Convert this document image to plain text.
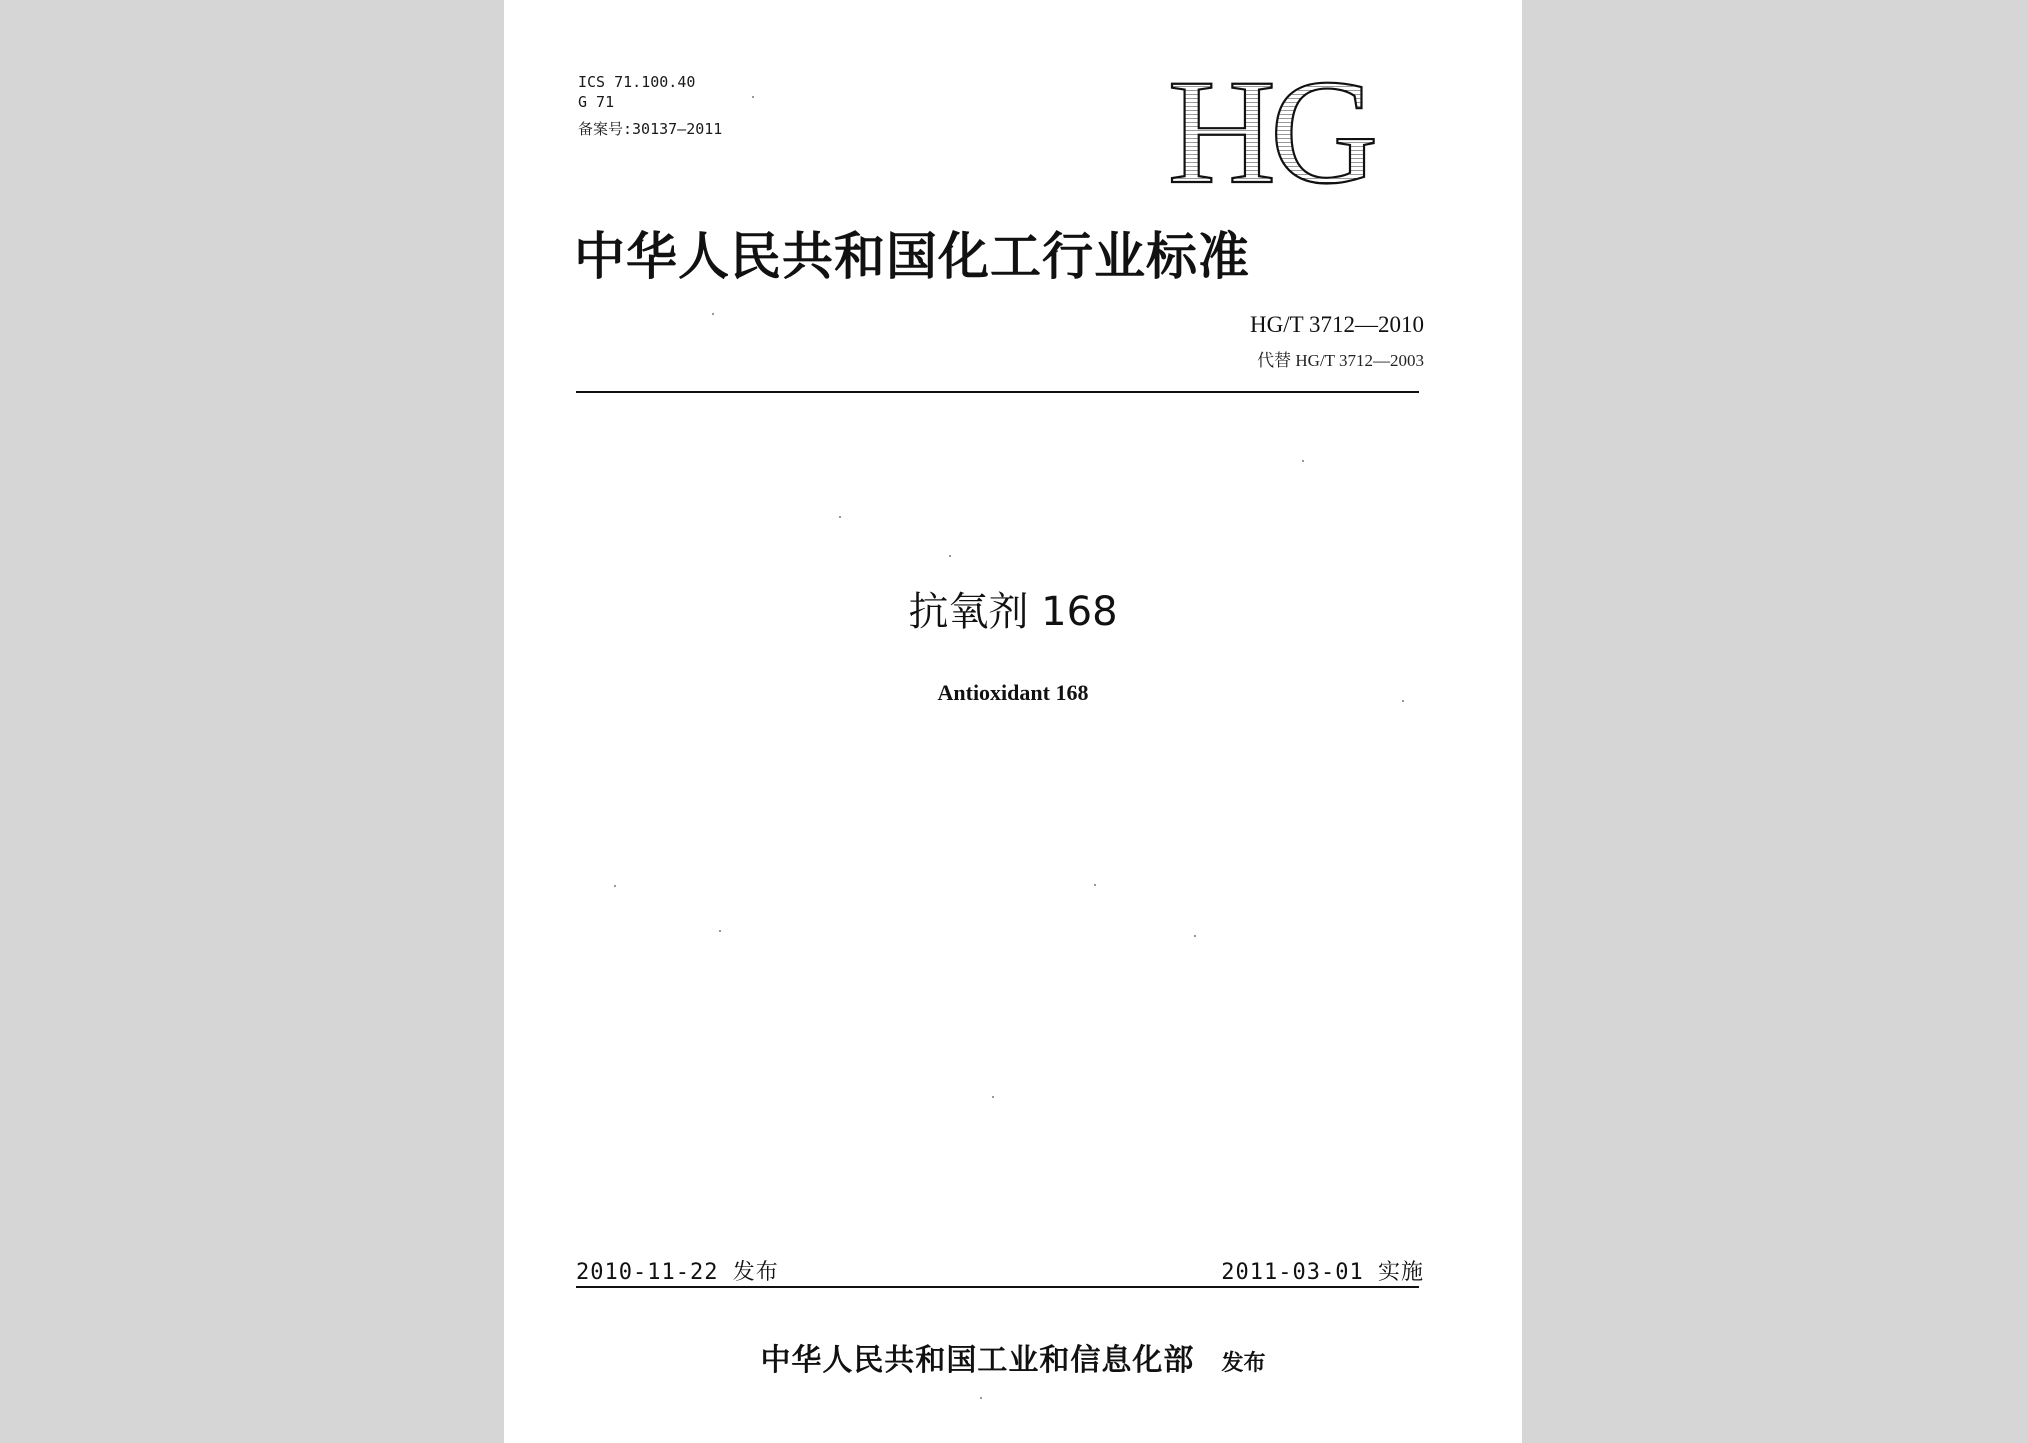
ICS 71.100.40
G 71
备案号:30137—2011	HG
中华人民共和国化工行业标准
HG/T 3712—2010
代替 HG/T 3712—2003
抗氧剂 168
Antioxidant 168
2010-11-22 发布	2011-03-01 实施
中华人民共和国工业和信息化部 发布
